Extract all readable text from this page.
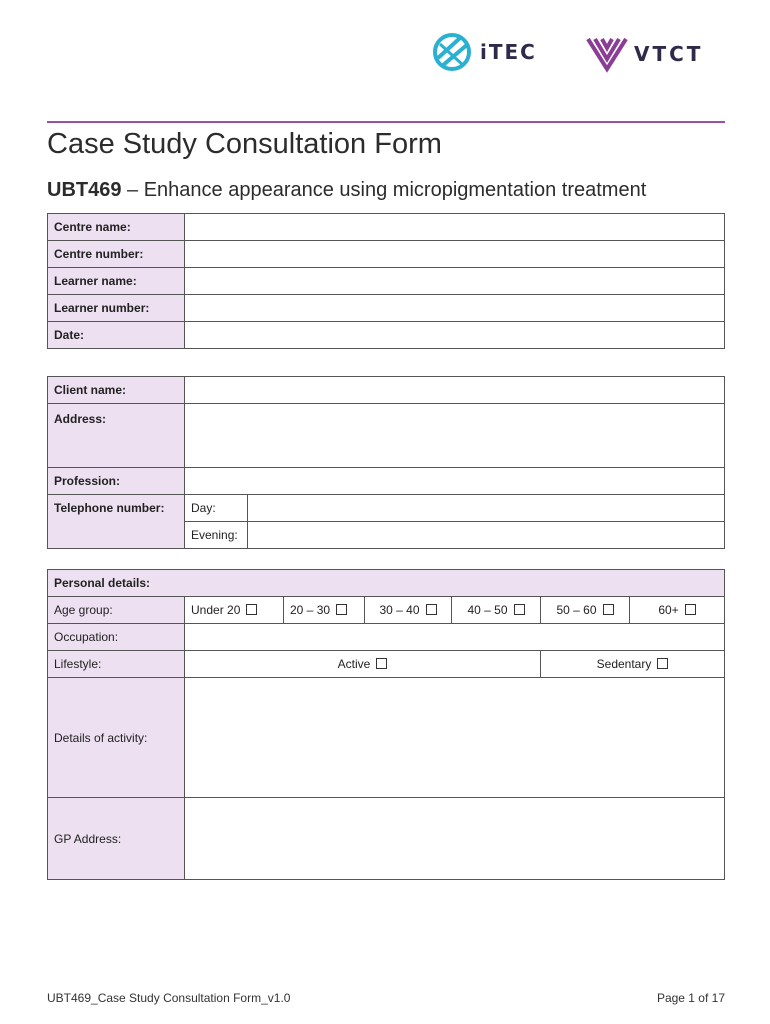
iTEC	VTCT
Case Study Consultation Form
UBT469 – Enhance appearance using micropigmentation treatment
Centre name:	
Centre number:	
Learner name:	
Learner number:	
Date:	
Client name:		
Address:		
Profession:		
Telephone number:	Day:	
	Evening:	
Personal details:						
Age group:	Under 20	20 – 30	30 – 40	40 – 50	50 – 60	60+
Occupation:						
Lifestyle:	Active				Sedentary	
Details of activity:						
GP Address:						
UBT469_Case Study Consultation Form_v1.0	Page 1 of 17
